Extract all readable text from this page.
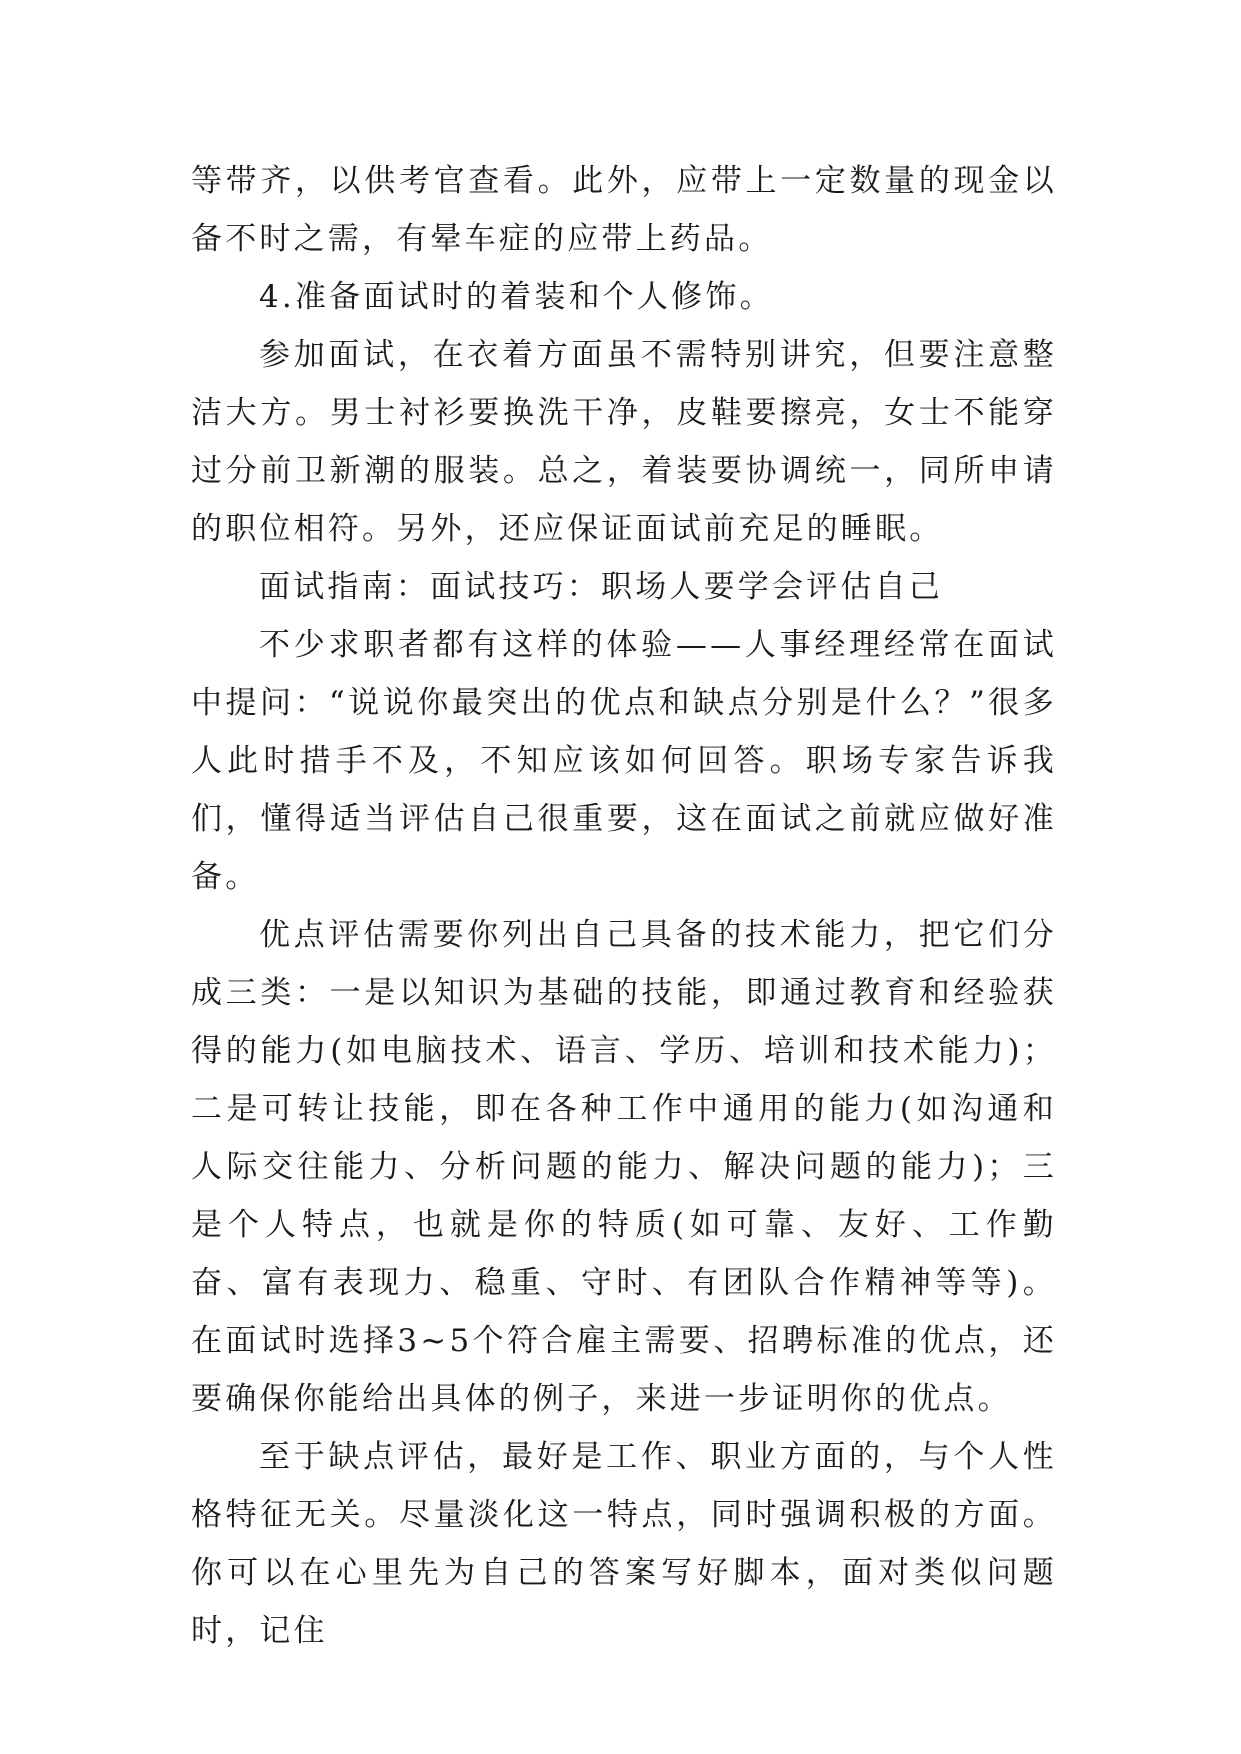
等带齐，以供考官查看。此外，应带上一定数量的现金以备不时之需，有晕车症的应带上药品。

4.准备面试时的着装和个人修饰。

参加面试，在衣着方面虽不需特别讲究，但要注意整洁大方。男士衬衫要换洗干净，皮鞋要擦亮，女士不能穿过分前卫新潮的服装。总之，着装要协调统一，同所申请的职位相符。另外，还应保证面试前充足的睡眠。

面试指南：面试技巧：职场人要学会评估自己

不少求职者都有这样的体验——人事经理经常在面试中提问：“说说你最突出的优点和缺点分别是什么？”很多人此时措手不及，不知应该如何回答。职场专家告诉我们，懂得适当评估自己很重要，这在面试之前就应做好准备。

优点评估需要你列出自己具备的技术能力，把它们分成三类：一是以知识为基础的技能，即通过教育和经验获得的能力(如电脑技术、语言、学历、培训和技术能力)；二是可转让技能，即在各种工作中通用的能力(如沟通和人际交往能力、分析问题的能力、解决问题的能力)；三是个人特点，也就是你的特质(如可靠、友好、工作勤奋、富有表现力、稳重、守时、有团队合作精神等等)。在面试时选择3~5个符合雇主需要、招聘标准的优点，还要确保你能给出具体的例子，来进一步证明你的优点。

至于缺点评估，最好是工作、职业方面的，与个人性格特征无关。尽量淡化这一特点，同时强调积极的方面。你可以在心里先为自己的答案写好脚本，面对类似问题时，记住
